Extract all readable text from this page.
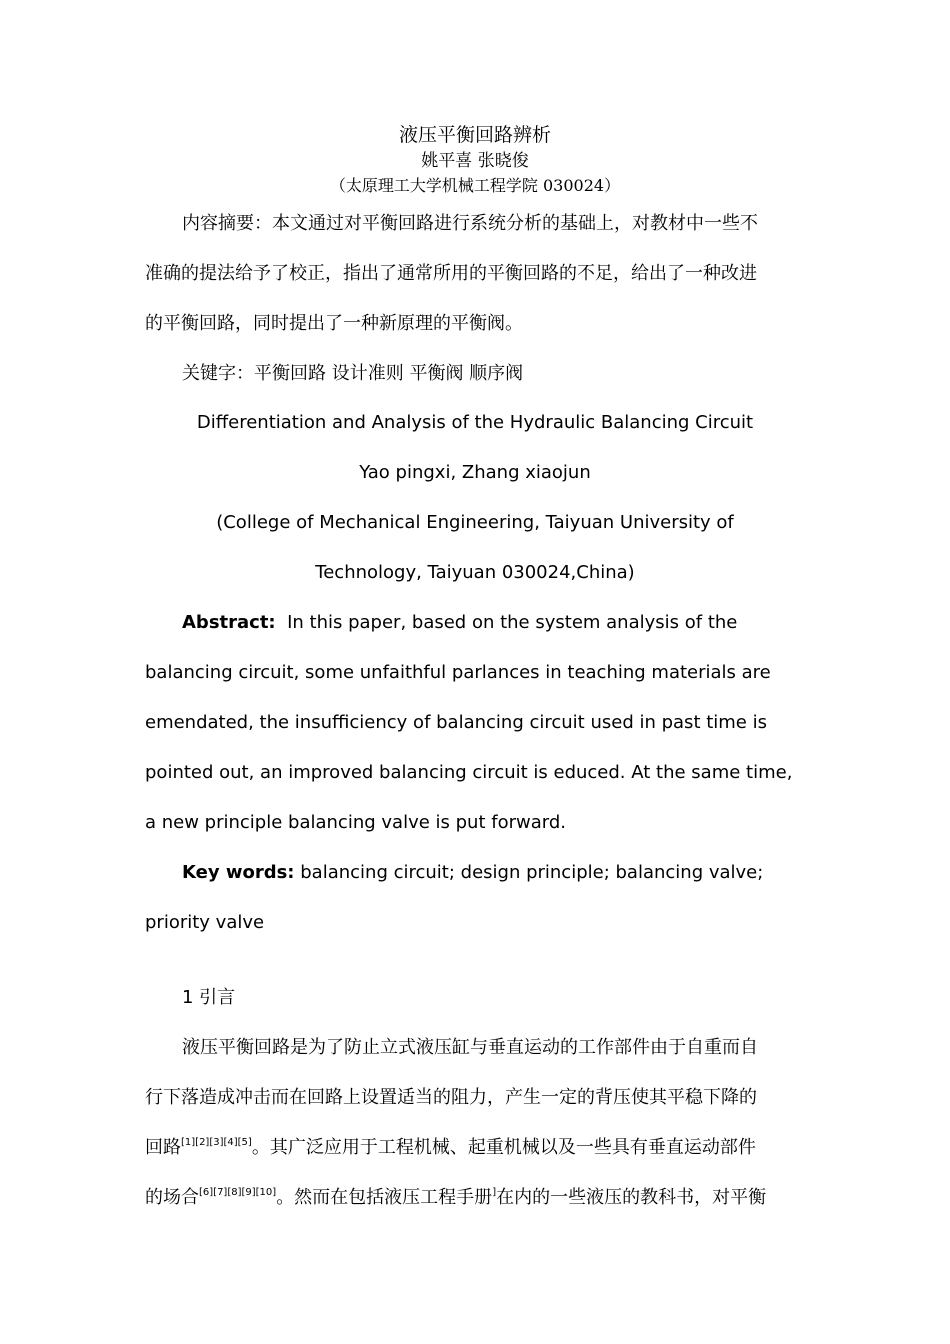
液压平衡回路辨析
姚平喜 张晓俊
（太原理工大学机械工程学院 030024）
内容摘要：本文通过对平衡回路进行系统分析的基础上，对教材中一些不
准确的提法给予了校正，指出了通常所用的平衡回路的不足，给出了一种改进
的平衡回路，同时提出了一种新原理的平衡阀。
关键字：平衡回路 设计准则 平衡阀 顺序阀
Differentiation and Analysis of the Hydraulic Balancing Circuit
Yao pingxi, Zhang xiaojun
(College of Mechanical Engineering, Taiyuan University of
Technology, Taiyuan 030024,China)
Abstract:  In this paper, based on the system analysis of the
balancing circuit, some unfaithful parlances in teaching materials are
emendated, the insufficiency of balancing circuit used in past time is
pointed out, an improved balancing circuit is educed. At the same time,
a new principle balancing valve is put forward.
Key words: balancing circuit; design principle; balancing valve;
priority valve
1 引言
液压平衡回路是为了防止立式液压缸与垂直运动的工作部件由于自重而自
行下落造成冲击而在回路上设置适当的阻力，产生一定的背压使其平稳下降的
回路[1][2][3][4][5]。其广泛应用于工程机械、起重机械以及一些具有垂直运动部件
的场合[6][7][8][9][10]。然而在包括液压工程手册]在内的一些液压的教科书，对平衡
